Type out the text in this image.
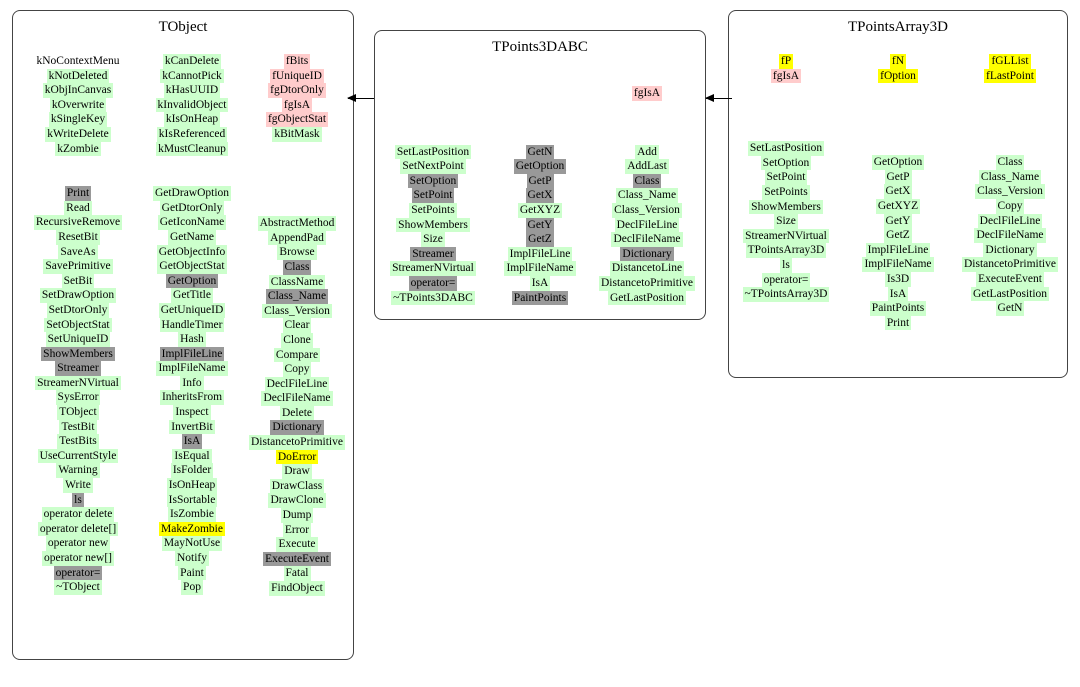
TObject
kNoContextMenu
kNotDeleted
kObjInCanvas
kOverwrite
kSingleKey
kWriteDelete
kZombie
kCanDelete
kCannotPick
kHasUUID
kInvalidObject
kIsOnHeap
kIsReferenced
kMustCleanup
fBits
fUniqueID
fgDtorOnly
fgIsA
fgObjectStat
kBitMask
Print
Read
RecursiveRemove
ResetBit
SaveAs
SavePrimitive
SetBit
SetDrawOption
SetDtorOnly
SetObjectStat
SetUniqueID
ShowMembers
Streamer
StreamerNVirtual
SysError
TObject
TestBit
TestBits
UseCurrentStyle
Warning
Write
ls
operator delete
operator delete[]
operator new
operator new[]
operator=
~TObject
GetDrawOption
GetDtorOnly
GetIconName
GetName
GetObjectInfo
GetObjectStat
GetOption
GetTitle
GetUniqueID
HandleTimer
Hash
ImplFileLine
ImplFileName
Info
InheritsFrom
Inspect
InvertBit
IsA
IsEqual
IsFolder
IsOnHeap
IsSortable
IsZombie
MakeZombie
MayNotUse
Notify
Paint
Pop
AbstractMethod
AppendPad
Browse
Class
ClassName
Class_Name
Class_Version
Clear
Clone
Compare
Copy
DeclFileLine
DeclFileName
Delete
Dictionary
DistancetoPrimitive
DoError
Draw
DrawClass
DrawClone
Dump
Error
Execute
ExecuteEvent
Fatal
FindObject
TPoints3DABC
fgIsA
SetLastPosition
SetNextPoint
SetOption
SetPoint
SetPoints
ShowMembers
Size
Streamer
StreamerNVirtual
operator=
~TPoints3DABC
GetN
GetOption
GetP
GetX
GetXYZ
GetY
GetZ
ImplFileLine
ImplFileName
IsA
PaintPoints
Add
AddLast
Class
Class_Name
Class_Version
DeclFileLine
DeclFileName
Dictionary
DistancetoLine
DistancetoPrimitive
GetLastPosition
TPointsArray3D
fP
fgIsA
fN
fOption
fGLList
fLastPoint
SetLastPosition
SetOption
SetPoint
SetPoints
ShowMembers
Size
StreamerNVirtual
TPointsArray3D
ls
operator=
~TPointsArray3D
GetOption
GetP
GetX
GetXYZ
GetY
GetZ
ImplFileLine
ImplFileName
Is3D
IsA
PaintPoints
Print
Class
Class_Name
Class_Version
Copy
DeclFileLine
DeclFileName
Dictionary
DistancetoPrimitive
ExecuteEvent
GetLastPosition
GetN
